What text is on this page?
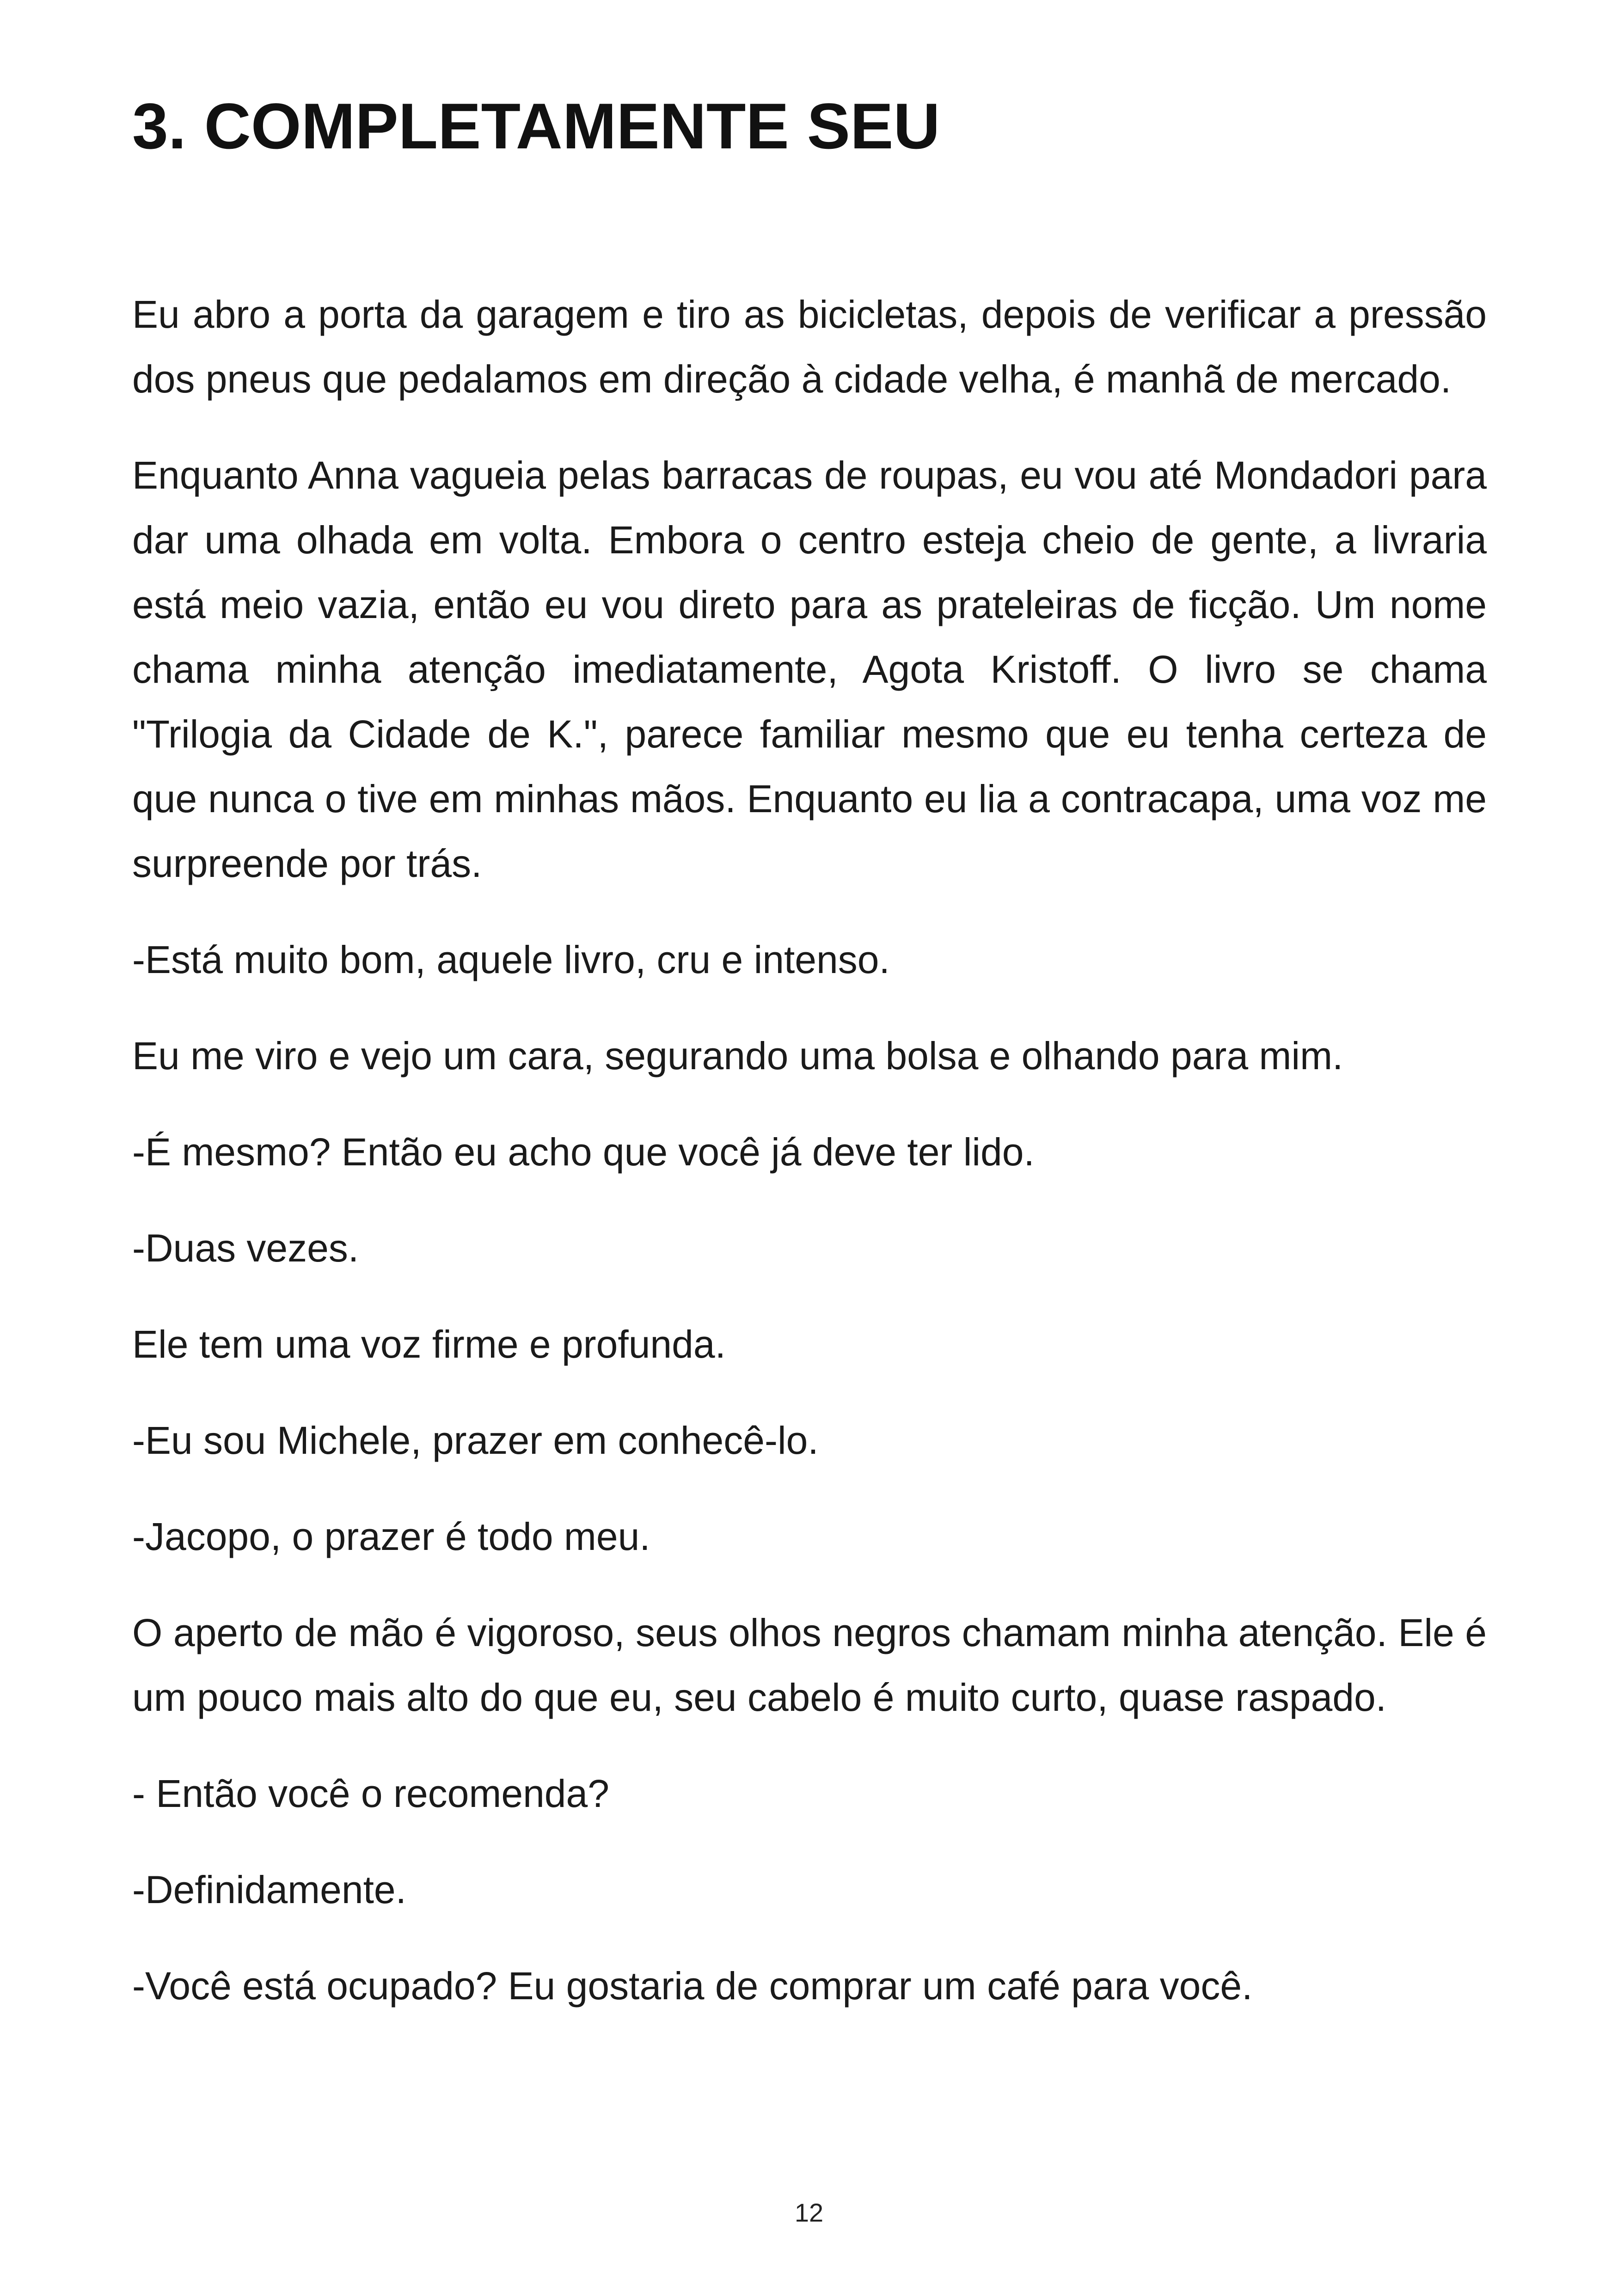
3. COMPLETAMENTE SEU

Eu abro a porta da garagem e tiro as bicicletas, depois de verificar a pressão dos pneus que pedalamos em direção à cidade velha, é manhã de mercado.

Enquanto Anna vagueia pelas barracas de roupas, eu vou até Mondadori para dar uma olhada em volta. Embora o centro esteja cheio de gente, a livraria está meio vazia, então eu vou direto para as prateleiras de ficção. Um nome chama minha atenção imediatamente, Agota Kristoff. O livro se chama "Trilogia da Cidade de K.", parece familiar mesmo que eu tenha certeza de que nunca o tive em minhas mãos. Enquanto eu lia a contracapa, uma voz me surpreende por trás.

-Está muito bom, aquele livro, cru e intenso.

Eu me viro e vejo um cara, segurando uma bolsa e olhando para mim.

-É mesmo? Então eu acho que você já deve ter lido.

-Duas vezes.

Ele tem uma voz firme e profunda.

-Eu sou Michele, prazer em conhecê-lo.

-Jacopo, o prazer é todo meu.

O aperto de mão é vigoroso, seus olhos negros chamam minha atenção. Ele é um pouco mais alto do que eu, seu cabelo é muito curto, quase raspado.

- Então você o recomenda?

-Definidamente.

-Você está ocupado? Eu gostaria de comprar um café para você.

12
